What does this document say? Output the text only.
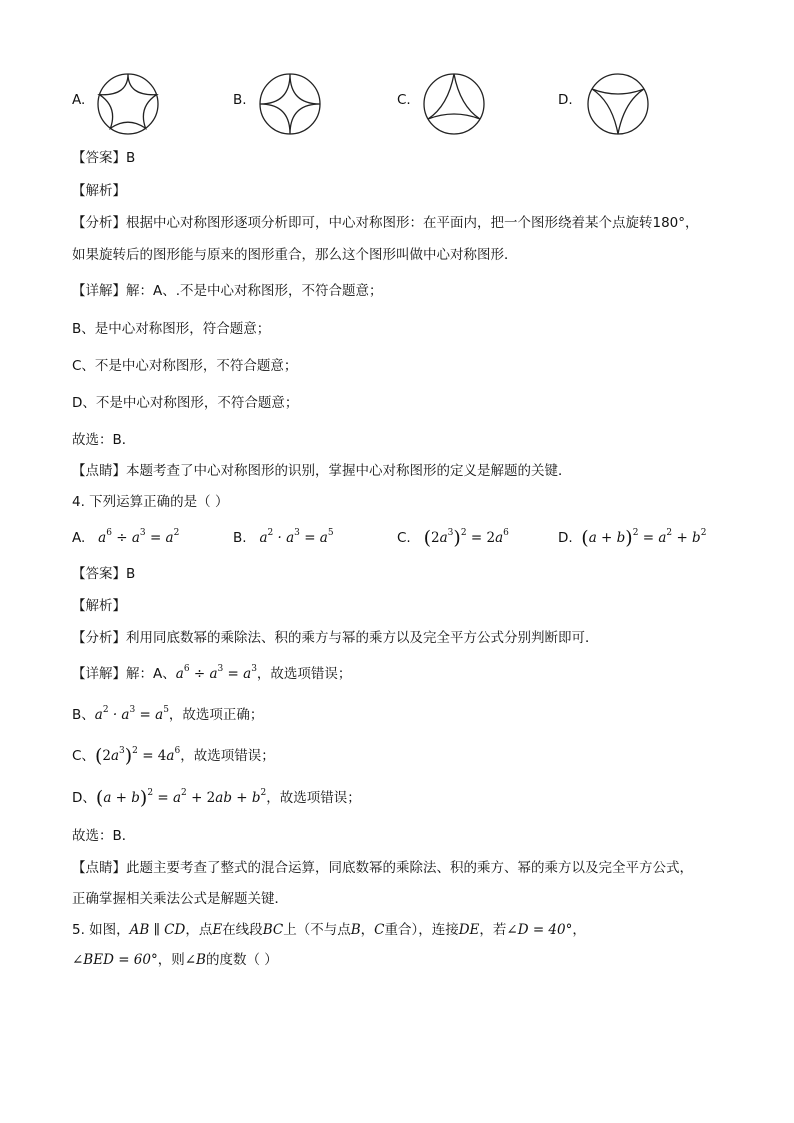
A.	B.	C.	D.
【答案】B
【解析】
【分析】根据中心对称图形逐项分析即可，中心对称图形：在平面内，把一个图形绕着某个点旋转180°，
如果旋转后的图形能与原来的图形重合，那么这个图形叫做中心对称图形．
【详解】解：A、.不是中心对称图形，不符合题意；
B、是中心对称图形，符合题意；
C、不是中心对称图形，不符合题意；
D、不是中心对称图形，不符合题意；
故选：B．
【点睛】本题考查了中心对称图形的识别，掌握中心对称图形的定义是解题的关键．
4. 下列运算正确的是（ ）
A. $a^6 \div a^3 = a^2$	B. $a^2 \cdot a^3 = a^5$	C. $(2a^3)^2 = 2a^6$	D. $(a + b)^2 = a^2 + b^2$
【答案】B
【解析】
【分析】利用同底数幂的乘除法、积的乘方与幂的乘方以及完全平方公式分别判断即可．
【详解】解：A、$a^6 \div a^3 = a^3$，故选项错误；
B、$a^2 \cdot a^3 = a^5$，故选项正确；
C、$(2a^3)^2 = 4a^6$，故选项错误；
D、$(a + b)^2 = a^2 + 2ab + b^2$，故选项错误；
故选：B．
【点睛】此题主要考查了整式的混合运算，同底数幂的乘除法、积的乘方、幂的乘方以及完全平方公式，
正确掌握相关乘法公式是解题关键．
5. 如图，AB ∥ CD，点E在线段BC上（不与点B，C重合），连接DE，若∠D = 40°，
∠BED = 60°，则∠B的度数（ ）
